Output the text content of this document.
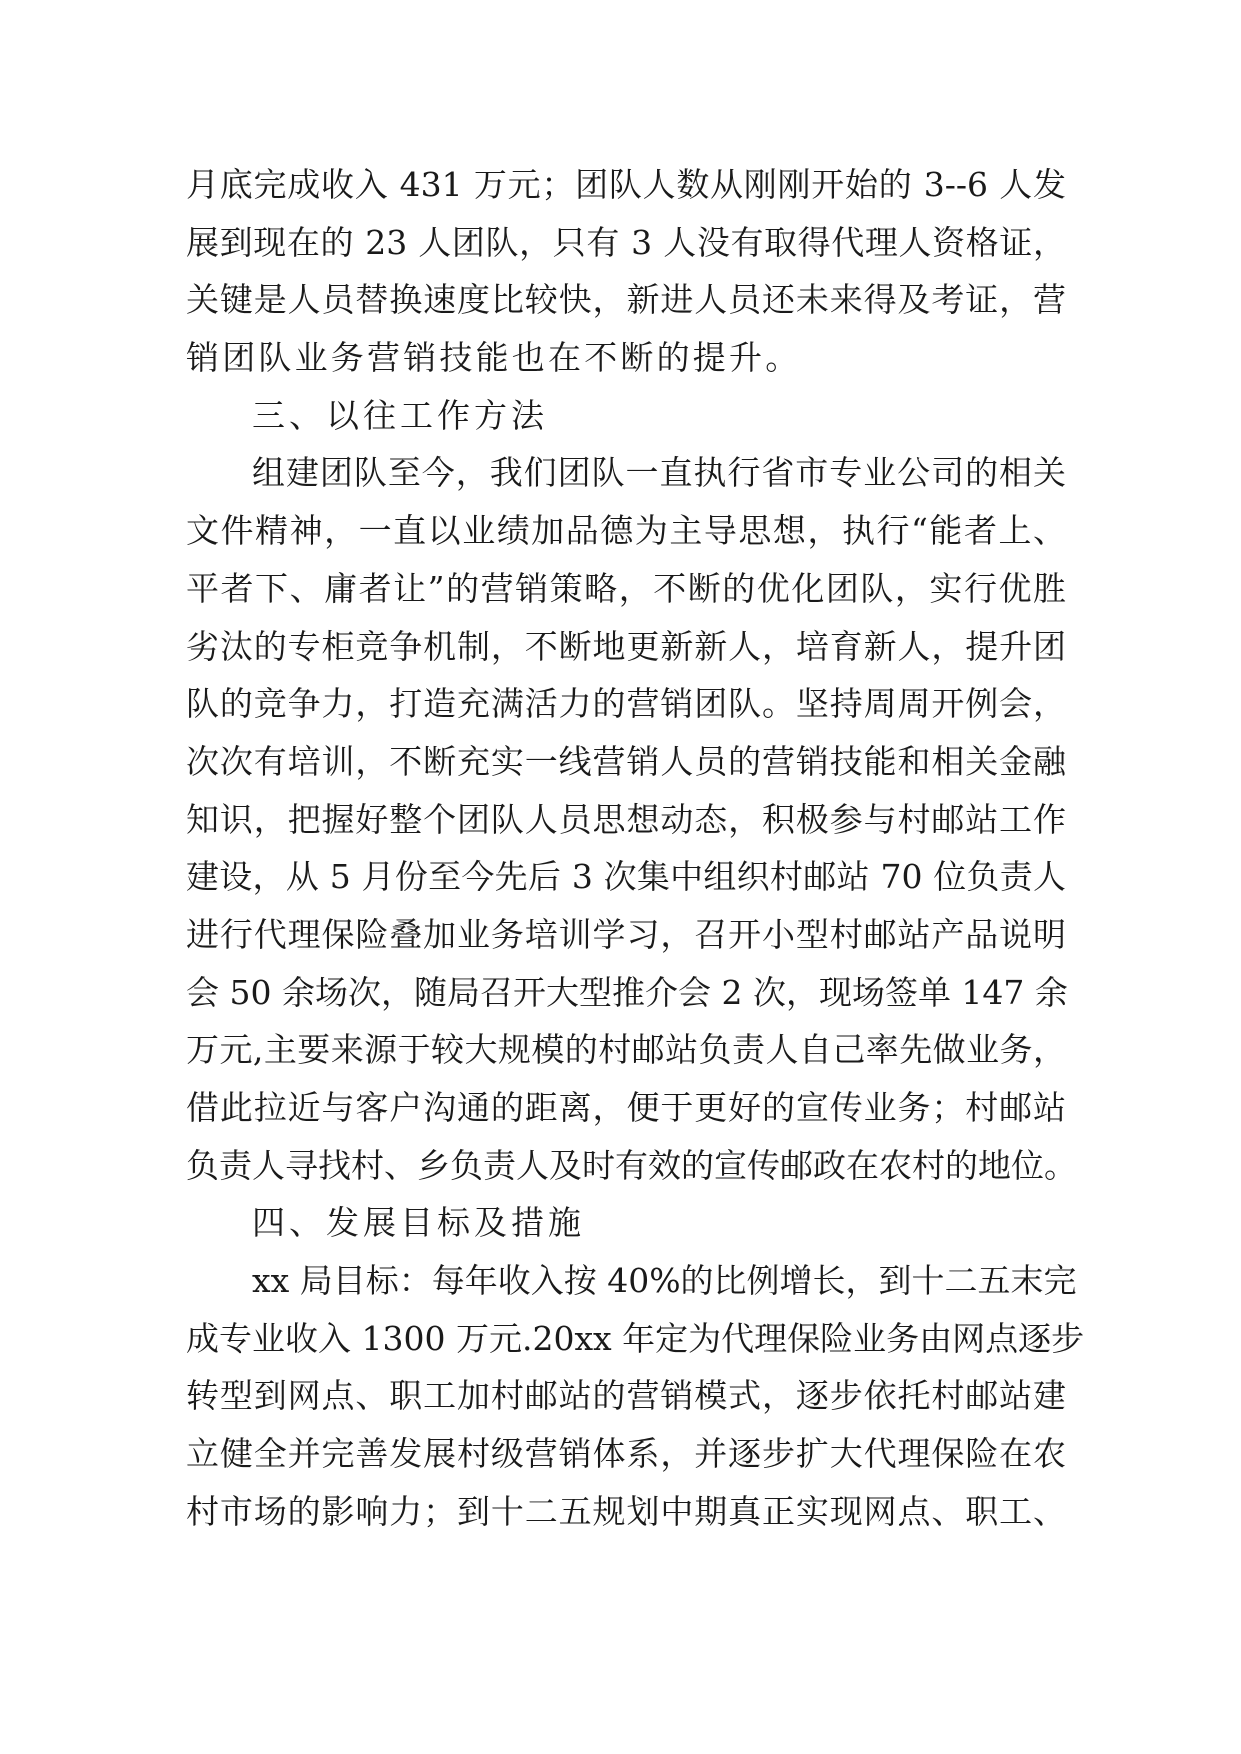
月底完成收入 431 万元；团队人数从刚刚开始的 3--6 人发
展到现在的 23 人团队，只有 3 人没有取得代理人资格证，
关键是人员替换速度比较快，新进人员还未来得及考证，营
销团队业务营销技能也在不断的提升。
三、以往工作方法
组建团队至今，我们团队一直执行省市专业公司的相关
文件精神，一直以业绩加品德为主导思想，执行“能者上、
平者下、庸者让”的营销策略，不断的优化团队，实行优胜
劣汰的专柜竞争机制，不断地更新新人，培育新人，提升团
队的竞争力，打造充满活力的营销团队。坚持周周开例会，
次次有培训，不断充实一线营销人员的营销技能和相关金融
知识，把握好整个团队人员思想动态，积极参与村邮站工作
建设，从 5 月份至今先后 3 次集中组织村邮站 70 位负责人
进行代理保险叠加业务培训学习，召开小型村邮站产品说明
会 50 余场次，随局召开大型推介会 2 次，现场签单 147 余
万元,主要来源于较大规模的村邮站负责人自己率先做业务，
借此拉近与客户沟通的距离，便于更好的宣传业务；村邮站
负责人寻找村、乡负责人及时有效的宣传邮政在农村的地位。
四、发展目标及措施
xx 局目标：每年收入按 40%的比例增长，到十二五末完
成专业收入 1300 万元.20xx 年定为代理保险业务由网点逐步
转型到网点、职工加村邮站的营销模式，逐步依托村邮站建
立健全并完善发展村级营销体系，并逐步扩大代理保险在农
村市场的影响力；到十二五规划中期真正实现网点、职工、
